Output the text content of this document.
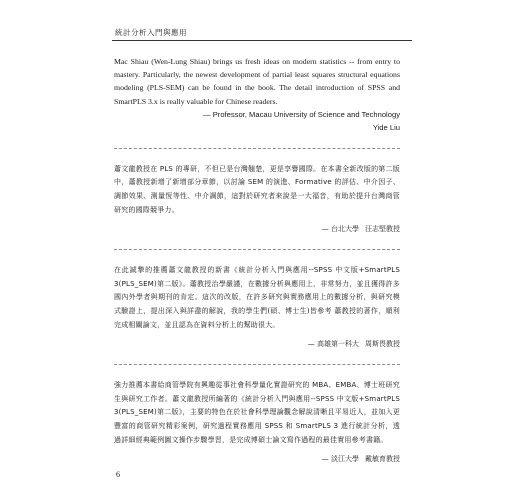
統計分析入門與應用

Mac Shiau (Wen-Lung Shiau) brings us fresh ideas on modern statistics -- from entry to mastery. Particularly, the newest development of partial least squares structural equations modeling (PLS-SEM) can be found in the book. The detail introduction of SPSS and SmartPLS 3.x is really valuable for Chinese readers.

— Professor, Macau University of Science and Technology

Yide Liu

蕭文龍教授在 PLS 的專研，不但已是台灣翹楚，更是享譽國際。在本書全新改版的第二版中，蕭教授新增了新增部分章節，以討論 SEM 的演進、Formative 的評估、中介因子、調節效果、測量恆等性、中介調節，這對於研究者來說是一大福音，有助於提升台灣商管研究的國際競爭力。

— 台北大學 汪志堅教授

在此誠摯的推薦蕭文龍教授的新書《統計分析入門與應用--SPSS 中文版+SmartPLS 3(PLS_SEM)第二版》。蕭教授治學嚴謹，在數據分析與應用上，非常努力，並且獲得許多國內外學者與期刊的肯定。這次的改版，在許多研究與實務應用上的數據分析，與研究模式驗證上，提出深入與詳盡的解說，我的學生們(碩、博士生)皆參考 蕭教授的著作，順利完成相關論文，並且認為在資料分析上的幫助很大。

— 高雄第一科大 周斯畏教授

強力推薦本書給商管學院有興趣從事社會科學量化實證研究的 MBA、EMBA、博士班研究生與研究工作者。蕭文龍教授所編著的《統計分析入門與應用--SPSS 中文版+SmartPLS 3(PLS_SEM)第二版》，主要的特色在於社會科學理論觀念解說清晰且平易近人，並加入更豐富的商管研究精彩案例，研究過程實務應用 SPSS 和 SmartPLS 3 進行統計分析，透過詳細經典範例圖文操作步驟學習，是完成博碩士論文寫作過程的最佳實用參考書籍。

— 淡江大學 戴敏育教授

6
